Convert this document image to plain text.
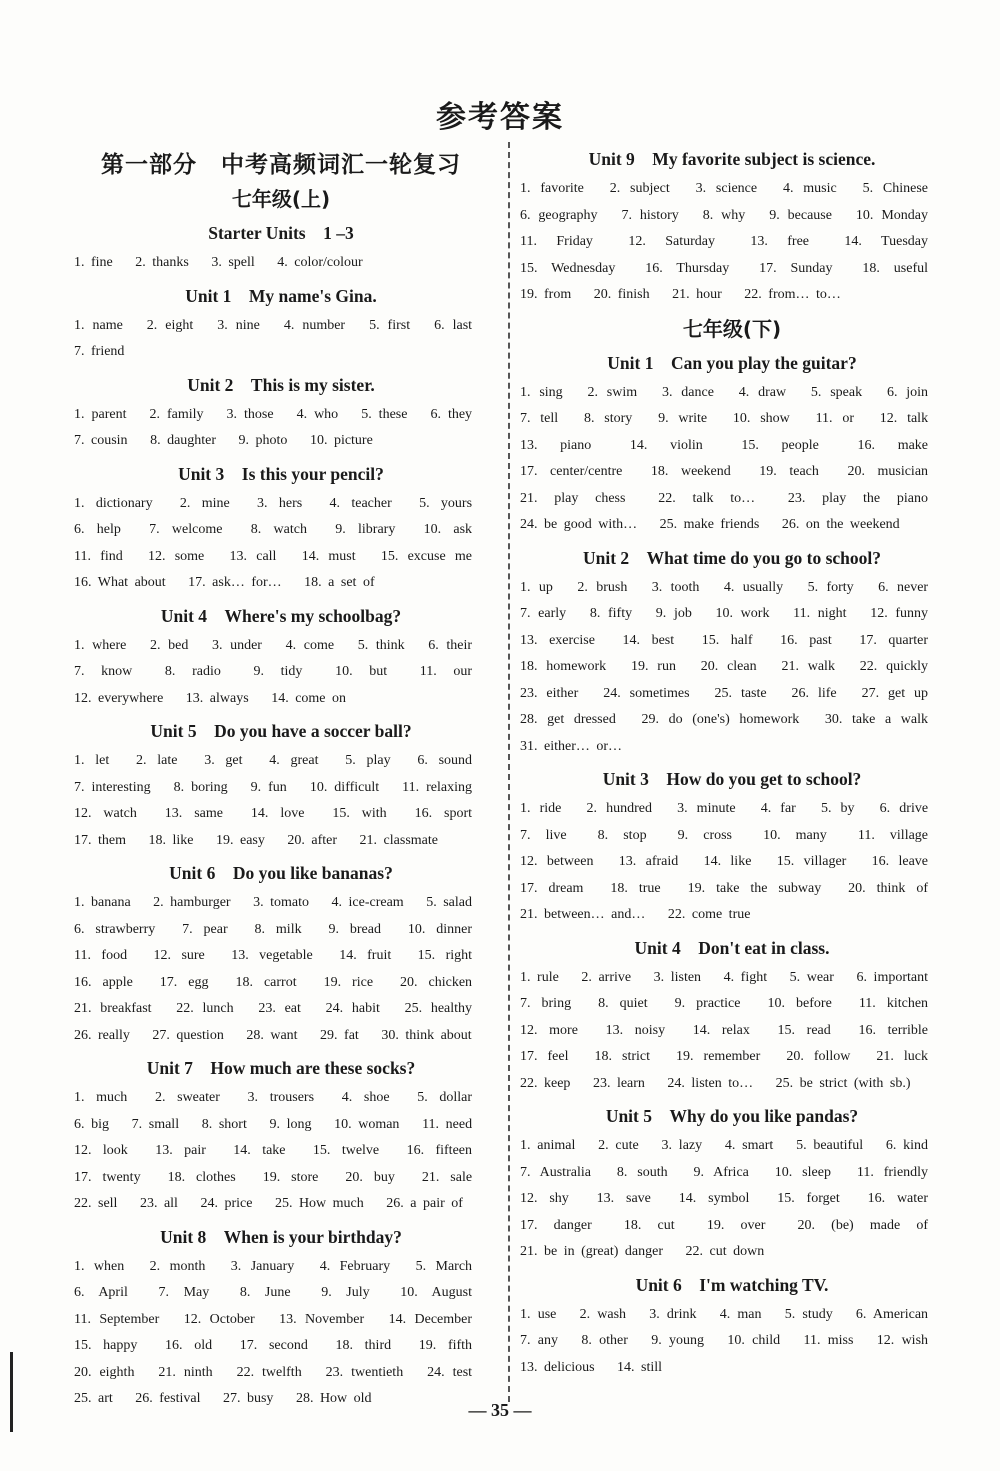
参考答案
第一部分　中考高频词汇一轮复习
七年级(上)
Starter Units　1 –3
1. fine 2. thanks 3. spell 4. color/colour
Unit 1　My name's Gina.
1. name 2. eight 3. nine 4. number 5. first 6. last 7. friend
Unit 2　This is my sister.
1. parent 2. family 3. those 4. who 5. these 6. they 7. cousin 8. daughter 9. photo 10. picture
Unit 3　Is this your pencil?
1. dictionary 2. mine 3. hers 4. teacher 5. yours 6. help 7. welcome 8. watch 9. library 10. ask 11. find 12. some 13. call 14. must 15. excuse me 16. What about 17. ask… for… 18. a set of
Unit 4　Where's my schoolbag?
1. where 2. bed 3. under 4. come 5. think 6. their 7. know 8. radio 9. tidy 10. but 11. our 12. everywhere 13. always 14. come on
Unit 5　Do you have a soccer ball?
1. let 2. late 3. get 4. great 5. play 6. sound 7. interesting 8. boring 9. fun 10. difficult 11. relaxing 12. watch 13. same 14. love 15. with 16. sport 17. them 18. like 19. easy 20. after 21. classmate
Unit 6　Do you like bananas?
1. banana 2. hamburger 3. tomato 4. ice-cream 5. salad 6. strawberry 7. pear 8. milk 9. bread 10. dinner 11. food 12. sure 13. vegetable 14. fruit 15. right 16. apple 17. egg 18. carrot 19. rice 20. chicken 21. breakfast 22. lunch 23. eat 24. habit 25. healthy 26. really 27. question 28. want 29. fat 30. think about
Unit 7　How much are these socks?
1. much 2. sweater 3. trousers 4. shoe 5. dollar 6. big 7. small 8. short 9. long 10. woman 11. need 12. look 13. pair 14. take 15. twelve 16. fifteen 17. twenty 18. clothes 19. store 20. buy 21. sale 22. sell 23. all 24. price 25. How much 26. a pair of
Unit 8　When is your birthday?
1. when 2. month 3. January 4. February 5. March 6. April 7. May 8. June 9. July 10. August 11. September 12. October 13. November 14. December 15. happy 16. old 17. second 18. third 19. fifth 20. eighth 21. ninth 22. twelfth 23. twentieth 24. test 25. art 26. festival 27. busy 28. How old
Unit 9　My favorite subject is science.
1. favorite 2. subject 3. science 4. music 5. Chinese 6. geography 7. history 8. why 9. because 10. Monday 11. Friday	12. Saturday	13. free	14. Tuesday 15. Wednesday 16. Thursday 17. Sunday 18. useful 19. from 20. finish 21. hour 22. from… to…
七年级(下)
Unit 1　Can you play the guitar?
1. sing 2. swim 3. dance 4. draw 5. speak 6. join 7. tell 8. story 9. write 10. show 11. or 12. talk 13. piano	14. violin	15. people	16. make 17. center/centre 18. weekend 19. teach 20. musician 21. play chess 22. talk to… 23. play the piano 24. be good with… 25. make friends 26. on the weekend
Unit 2　What time do you go to school?
1. up 2. brush 3. tooth 4. usually 5. forty 6. never 7. early 8. fifty 9. job 10. work 11. night 12. funny 13. exercise 14. best 15. half 16. past 17. quarter 18. homework 19. run 20. clean 21. walk 22. quickly 23. either 24. sometimes 25. taste 26. life 27. get up 28. get dressed 29. do (one's) homework 30. take a walk 31. either… or…
Unit 3　How do you get to school?
1. ride 2. hundred 3. minute 4. far 5. by 6. drive 7. live 8. stop 9. cross 10. many 11. village 12. between 13. afraid 14. like 15. villager 16. leave 17. dream 18. true 19. take the subway 20. think of 21. between… and… 22. come true
Unit 4　Don't eat in class.
1. rule 2. arrive 3. listen 4. fight 5. wear 6. important 7. bring 8. quiet 9. practice 10. before 11. kitchen 12. more 13. noisy 14. relax 15. read 16. terrible 17. feel 18. strict 19. remember 20. follow 21. luck 22. keep 23. learn 24. listen to… 25. be strict (with sb.)
Unit 5　Why do you like pandas?
1. animal 2. cute 3. lazy 4. smart 5. beautiful 6. kind 7. Australia 8. south 9. Africa 10. sleep 11. friendly 12. shy 13. save 14. symbol 15. forget 16. water 17. danger 18. cut 19. over 20. (be) made of 21. be in (great) danger 22. cut down
Unit 6　I'm watching TV.
1. use 2. wash 3. drink 4. man 5. study 6. American 7. any 8. other 9. young 10. child 11. miss 12. wish 13. delicious 14. still
— 35 —
